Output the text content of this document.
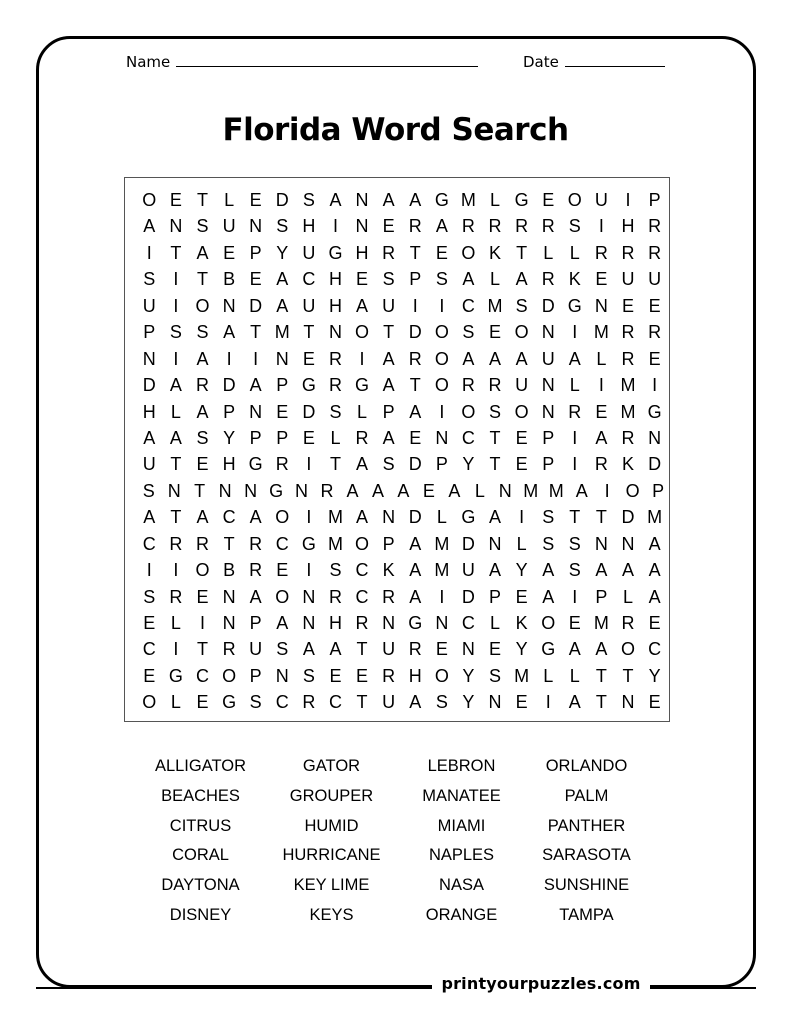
Name	Date
Florida Word Search
O E T L E D S A N A A G M L G E O U I	P
A N S U N S H I N E R A R R R R S	I H R
I	T A E P Y U G H R T E O K T L L R R R
S	I	T B E A C H E S P S A L A R K E U U
U I O N D A U H A U I	I C M S D G N E E
P S S A T M T N O T D O S E O N I M R R
N I	A	I	I N E R I	A R O A A A U A L R E
D A R D A P G R G A T O R R U N L	I M I
H L A P N E D S L P A	I O S O N R E M G
A A S Y P P E L R A E N C T E P	I	A R N
U T E H G R I	T A S D P Y T E P	I R K D
S N T N N G N R A A A E A L N M M A I O P
A T A C A O I M A N D L G A	I	S T T D M
C R R T R C G M O P A M D N L S S N N A
I	I O B R E	I	S C K A M U A Y A S A A A
S R E N A O N R C R A	I D P E A	I	P L A
E L	I N P A N H R N G N C L K O E M R E
C I	T R U S A A T U R E N E Y G A A O C
E G C O P N S E E R H O Y S M L L T T Y
O L E G S C R C T U A S Y N E	I	A T N E
ALLIGATOR	GATOR	LEBRON	ORLANDO
BEACHES	GROUPER	MANATEE	PALM
CITRUS	HUMID	MIAMI	PANTHER
CORAL	HURRICANE	NAPLES	SARASOTA
DAYTONA	KEY LIME	NASA	SUNSHINE
DISNEY	KEYS	ORANGE	TAMPA
printyourpuzzles.com
